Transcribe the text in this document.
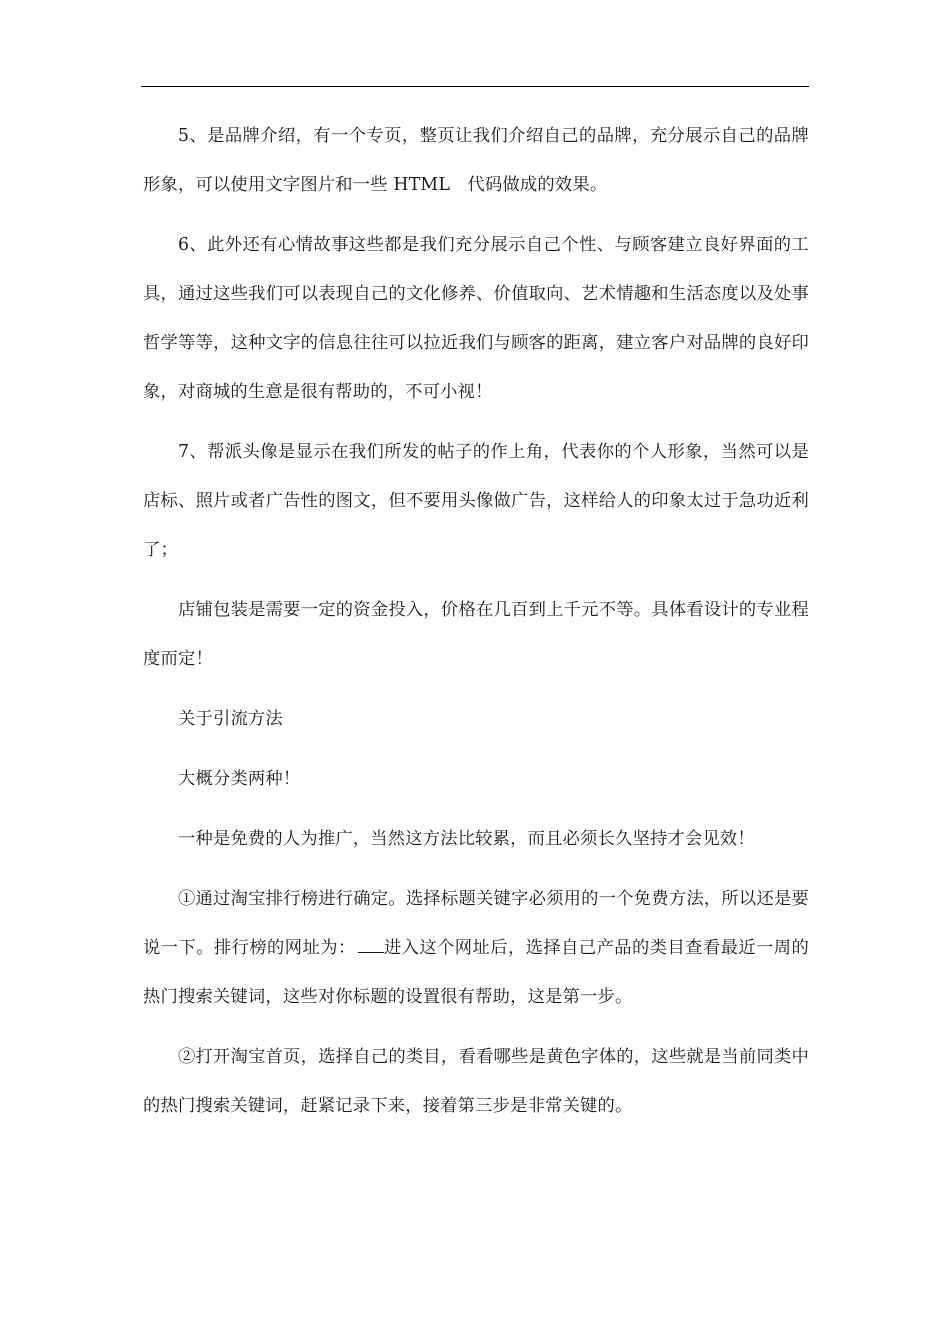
5、是品牌介绍，有一个专页，整页让我们介绍自己的品牌，充分展示自己的品牌形象，可以使用文字图片和一些 HTML　代码做成的效果。

6、此外还有心情故事这些都是我们充分展示自己个性、与顾客建立良好界面的工具，通过这些我们可以表现自己的文化修养、价值取向、艺术情趣和生活态度以及处事哲学等等，这种文字的信息往往可以拉近我们与顾客的距离，建立客户对品牌的良好印象，对商城的生意是很有帮助的，不可小视！

7、帮派头像是显示在我们所发的帖子的作上角，代表你的个人形象，当然可以是店标、照片或者广告性的图文，但不要用头像做广告，这样给人的印象太过于急功近利了；

店铺包装是需要一定的资金投入，价格在几百到上千元不等。具体看设计的专业程度而定！

关于引流方法

大概分类两种！

一种是免费的人为推广，当然这方法比较累，而且必须长久坚持才会见效！

①通过淘宝排行榜进行确定。选择标题关键字必须用的一个免费方法，所以还是要说一下。排行榜的网址为： 进入这个网址后，选择自己产品的类目查看最近一周的热门搜索关键词，这些对你标题的设置很有帮助，这是第一步。

②打开淘宝首页，选择自己的类目，看看哪些是黄色字体的，这些就是当前同类中的热门搜索关键词，赶紧记录下来，接着第三步是非常关键的。
